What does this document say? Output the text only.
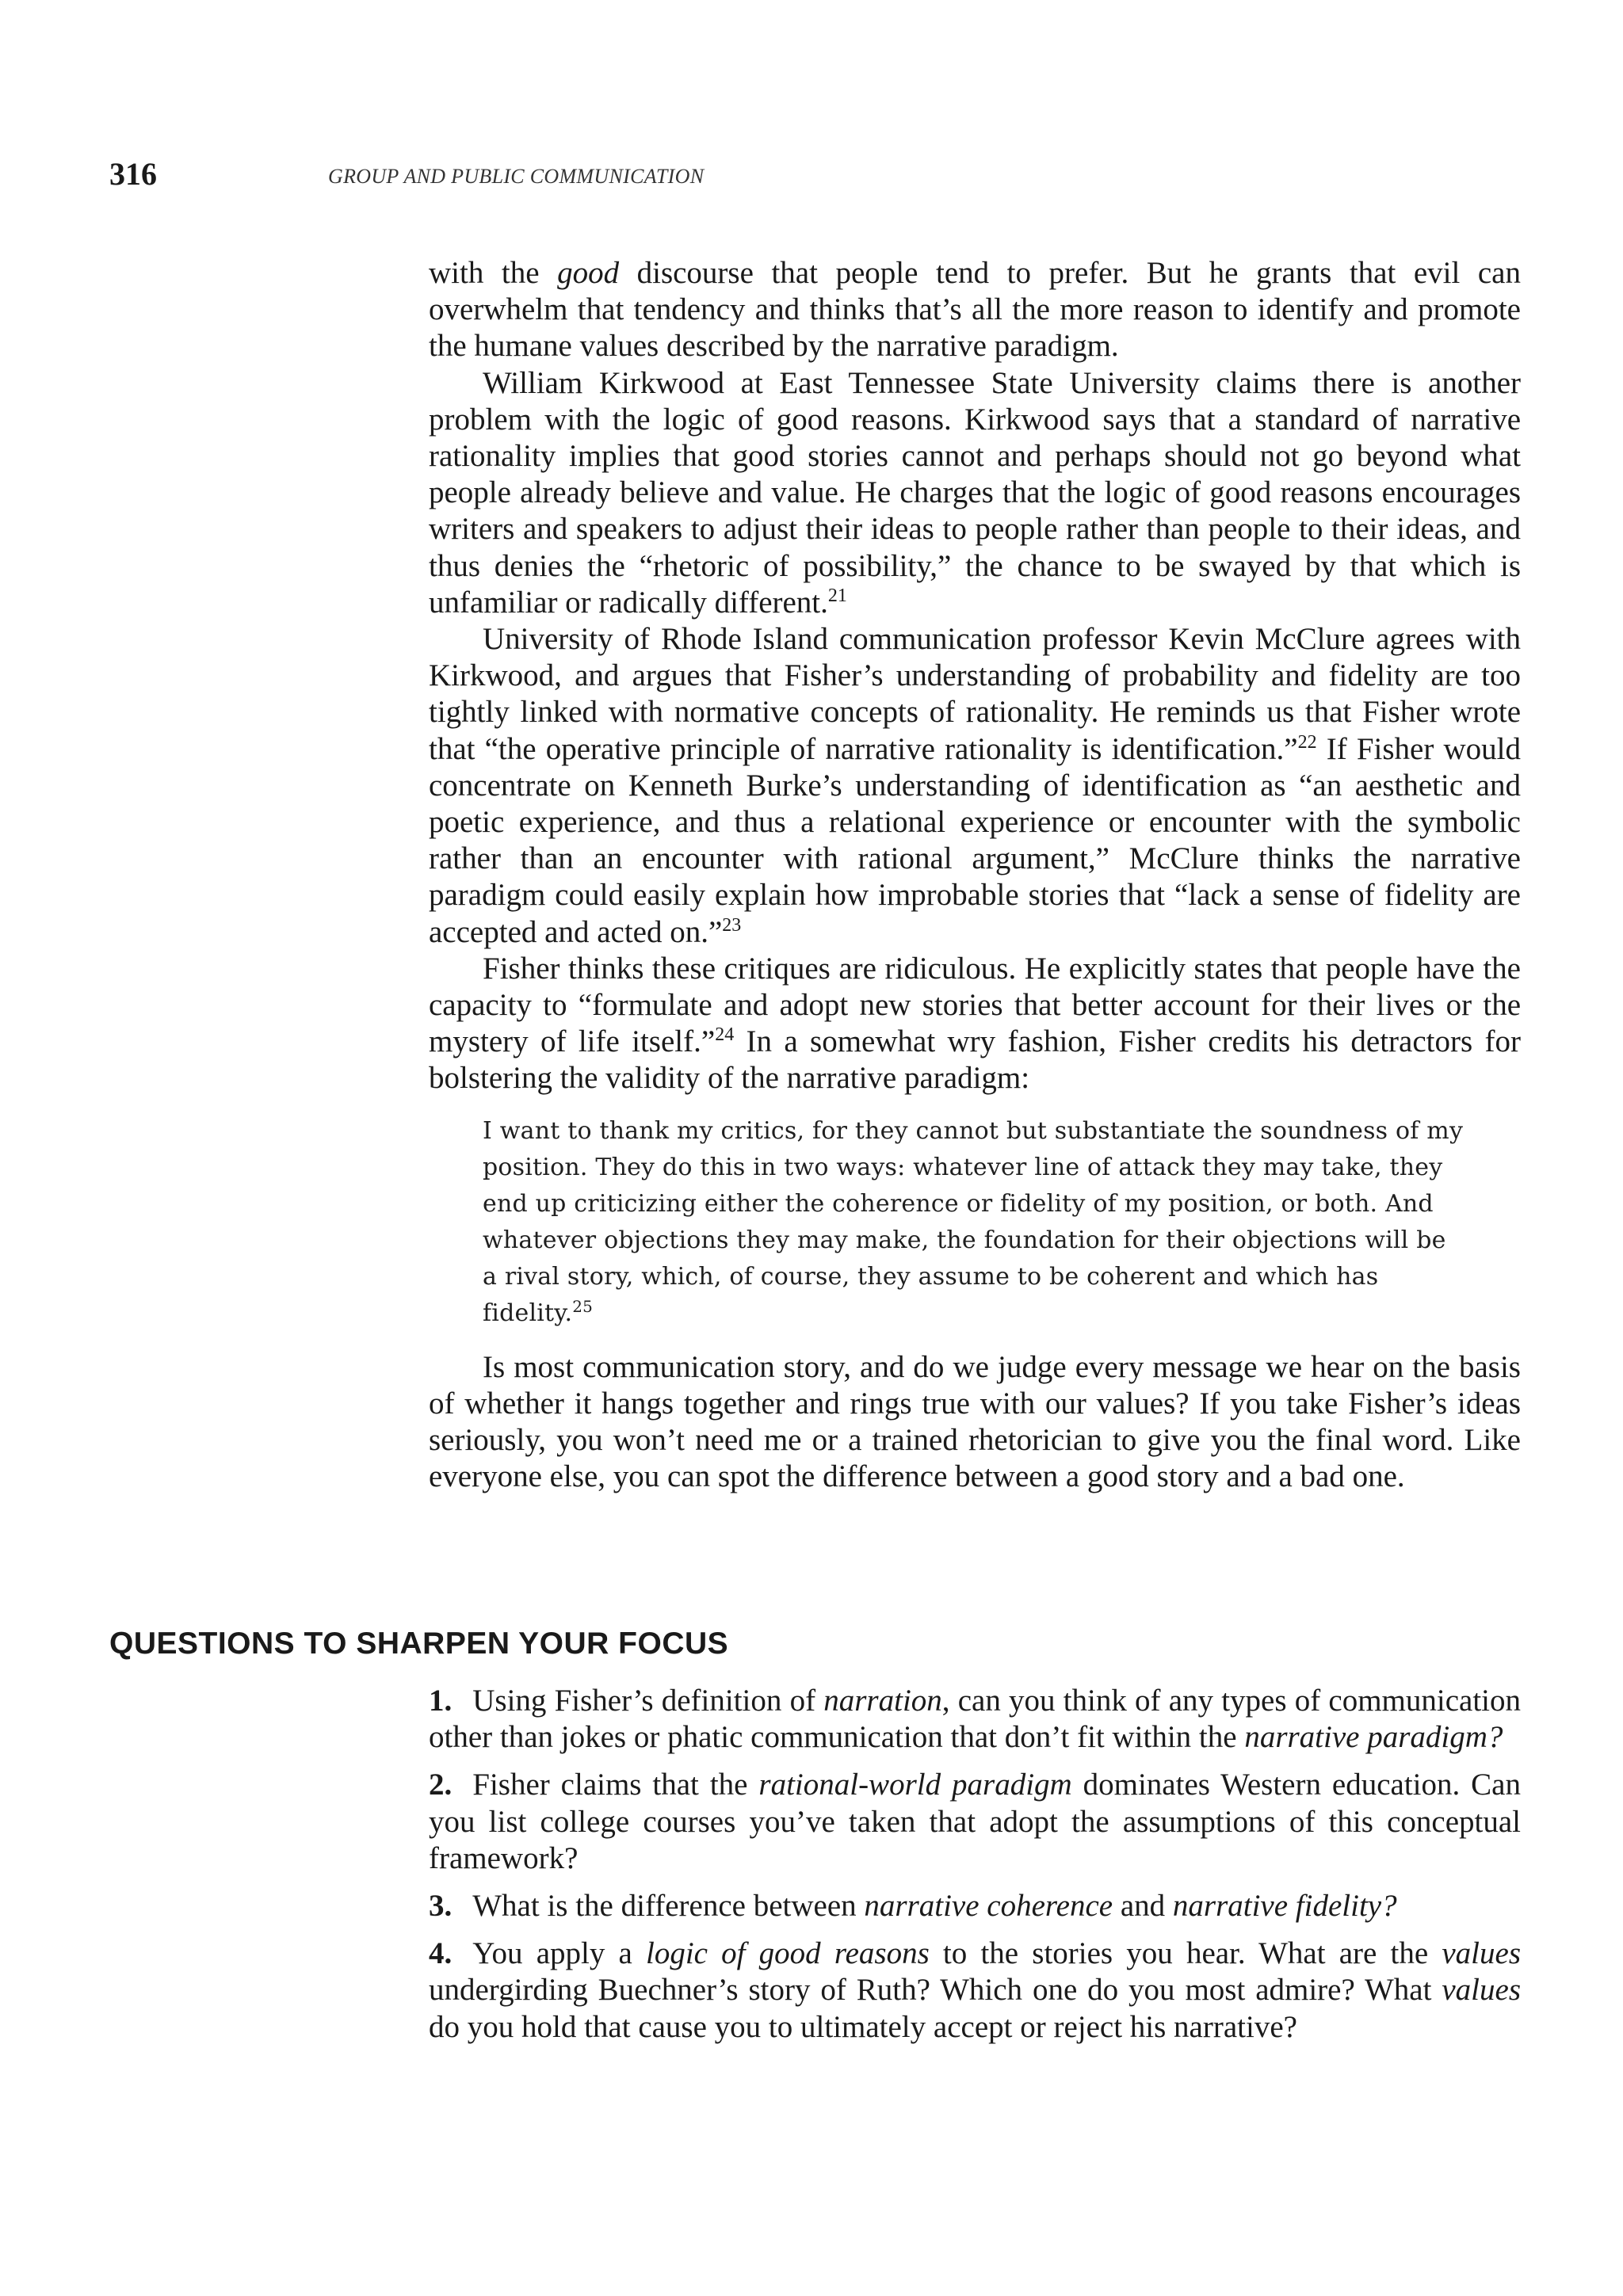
316	GROUP AND PUBLIC COMMUNICATION

with the good discourse that people tend to prefer. But he grants that evil can overwhelm that tendency and thinks that’s all the more reason to identify and promote the humane values described by the narrative paradigm.

William Kirkwood at East Tennessee State University claims there is another problem with the logic of good reasons. Kirkwood says that a standard of narrative rationality implies that good stories cannot and perhaps should not go beyond what people already believe and value. He charges that the logic of good reasons encourages writers and speakers to adjust their ideas to people rather than people to their ideas, and thus denies the “rhetoric of possibility,” the chance to be swayed by that which is unfamiliar or radically different.$^{21}$

University of Rhode Island communication professor Kevin McClure agrees with Kirkwood, and argues that Fisher’s understanding of probability and fidelity are too tightly linked with normative concepts of rationality. He reminds us that Fisher wrote that “the operative principle of narrative rationality is identification.”$^{22}$ If Fisher would concentrate on Kenneth Burke’s understanding of identification as “an aesthetic and poetic experience, and thus a relational experience or encounter with the symbolic rather than an encounter with rational argument,” McClure thinks the narrative paradigm could easily explain how improbable stories that “lack a sense of fidelity are accepted and acted on.”$^{23}$

Fisher thinks these critiques are ridiculous. He explicitly states that people have the capacity to “formulate and adopt new stories that better account for their lives or the mystery of life itself.”$^{24}$ In a somewhat wry fashion, Fisher credits his detractors for bolstering the validity of the narrative paradigm:

I want to thank my critics, for they cannot but substantiate the soundness of my position. They do this in two ways: whatever line of attack they may take, they end up criticizing either the coherence or fidelity of my position, or both. And whatever objections they may make, the foundation for their objections will be a rival story, which, of course, they assume to be coherent and which has fidelity.$^{25}$

Is most communication story, and do we judge every message we hear on the basis of whether it hangs together and rings true with our values? If you take Fisher’s ideas seriously, you won’t need me or a trained rhetorician to give you the final word. Like everyone else, you can spot the difference between a good story and a bad one.

QUESTIONS TO SHARPEN YOUR FOCUS

1. Using Fisher’s definition of narration, can you think of any types of communication other than jokes or phatic communication that don’t fit within the narrative paradigm?

2. Fisher claims that the rational-world paradigm dominates Western education. Can you list college courses you’ve taken that adopt the assumptions of this conceptual framework?

3. What is the difference between narrative coherence and narrative fidelity?

4. You apply a logic of good reasons to the stories you hear. What are the values undergirding Buechner’s story of Ruth? Which one do you most admire? What values do you hold that cause you to ultimately accept or reject his narrative?
